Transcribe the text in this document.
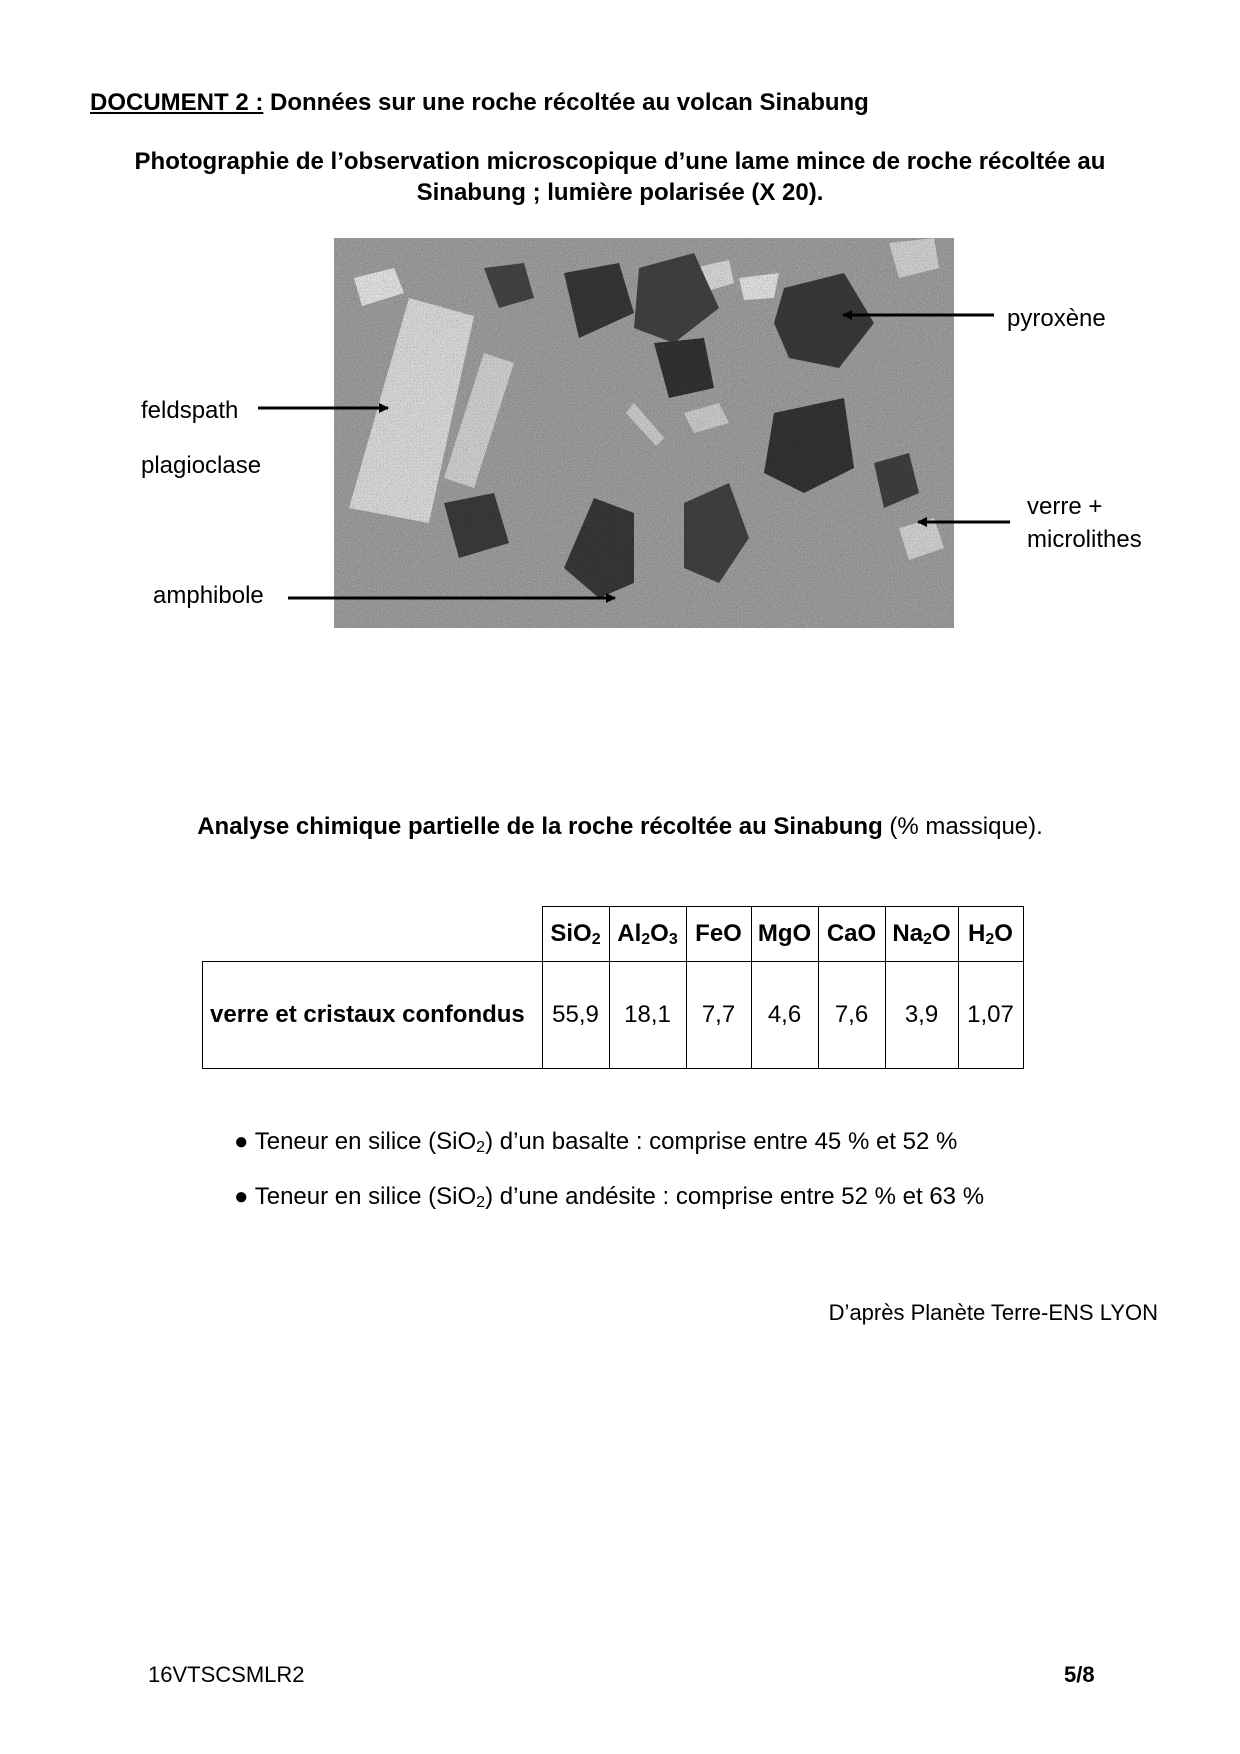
DOCUMENT 2 : Données sur une roche récoltée au volcan Sinabung
Photographie de l’observation microscopique d’une lame mince de roche récoltée au Sinabung ; lumière polarisée (X 20).
pyroxène
feldspath
plagioclase
verre +
microlithes
amphibole
Analyse chimique partielle de la roche récoltée au Sinabung (% massique).
	SiO$_2$	$Al_2O_3$	FeO	MgO	CaO	$Na_2O$	$H_2O$
verre et cristaux confondus	55,9	18,1	7,7	4,6	7,6	3,9	1,07
● Teneur en silice (SiO$_2$) d’un basalte : comprise entre 45 % et 52 %
● Teneur en silice (SiO$_2$) d’une andésite : comprise entre 52 % et 63 %
D’après Planète Terre-ENS LYON
16VTSCSMLR2	5/8
